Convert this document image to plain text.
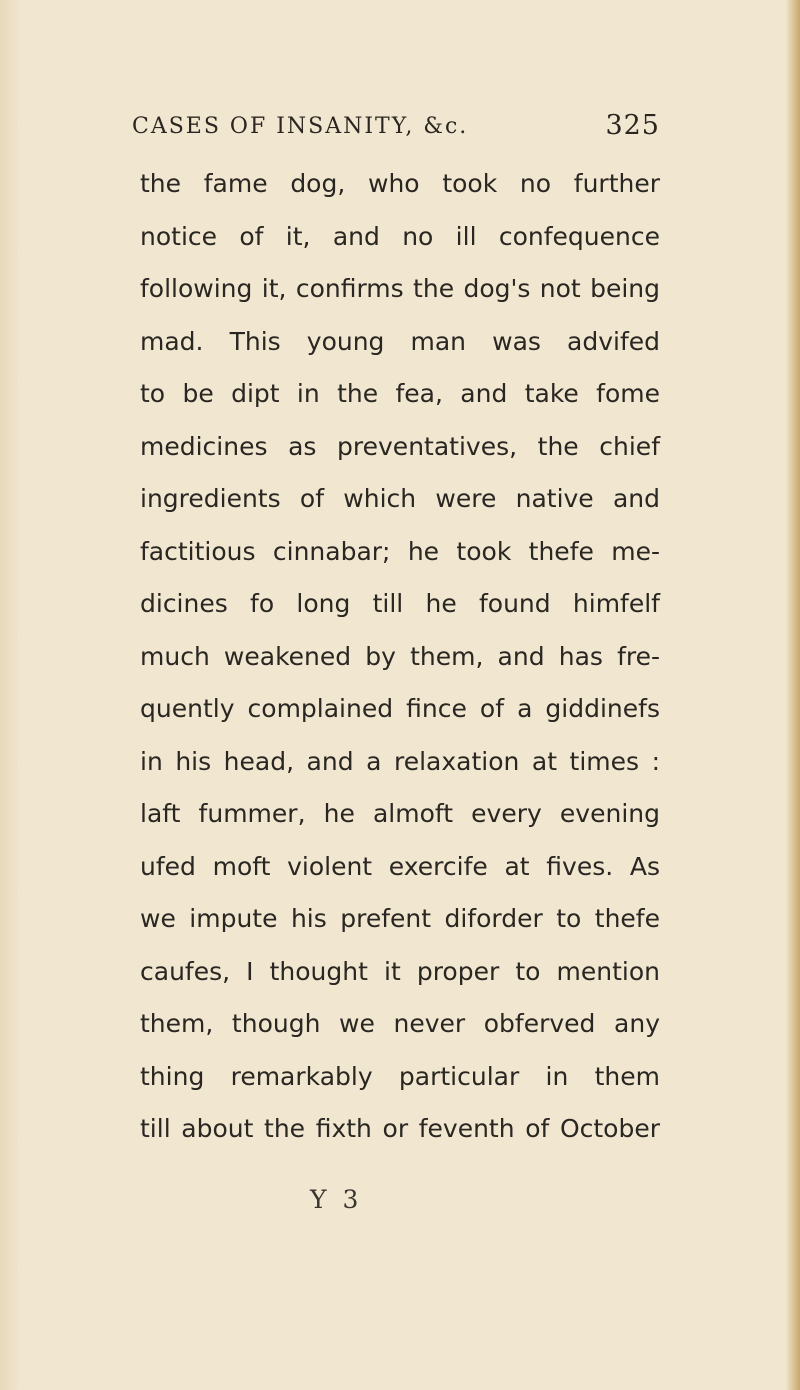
CASES OF INSANITY, &c.	325
the fame dog, who took no further
notice of it, and no ill confequence
following it, confirms the dog's not being
mad. This young man was advifed
to be dipt in the fea, and take fome
medicines as preventatives, the chief
ingredients of which were native and
factitious cinnabar; he took thefe me-
dicines fo long till he found himfelf
much weakened by them, and has fre-
quently complained fince of a giddinefs
in his head, and a relaxation at times :
laft fummer, he almoft every evening
ufed moft violent exercife at fives. As
we impute his prefent diforder to thefe
caufes, I thought it proper to mention
them, though we never obferved any
thing remarkably particular in them
till about the fixth or feventh of October
Y 3
